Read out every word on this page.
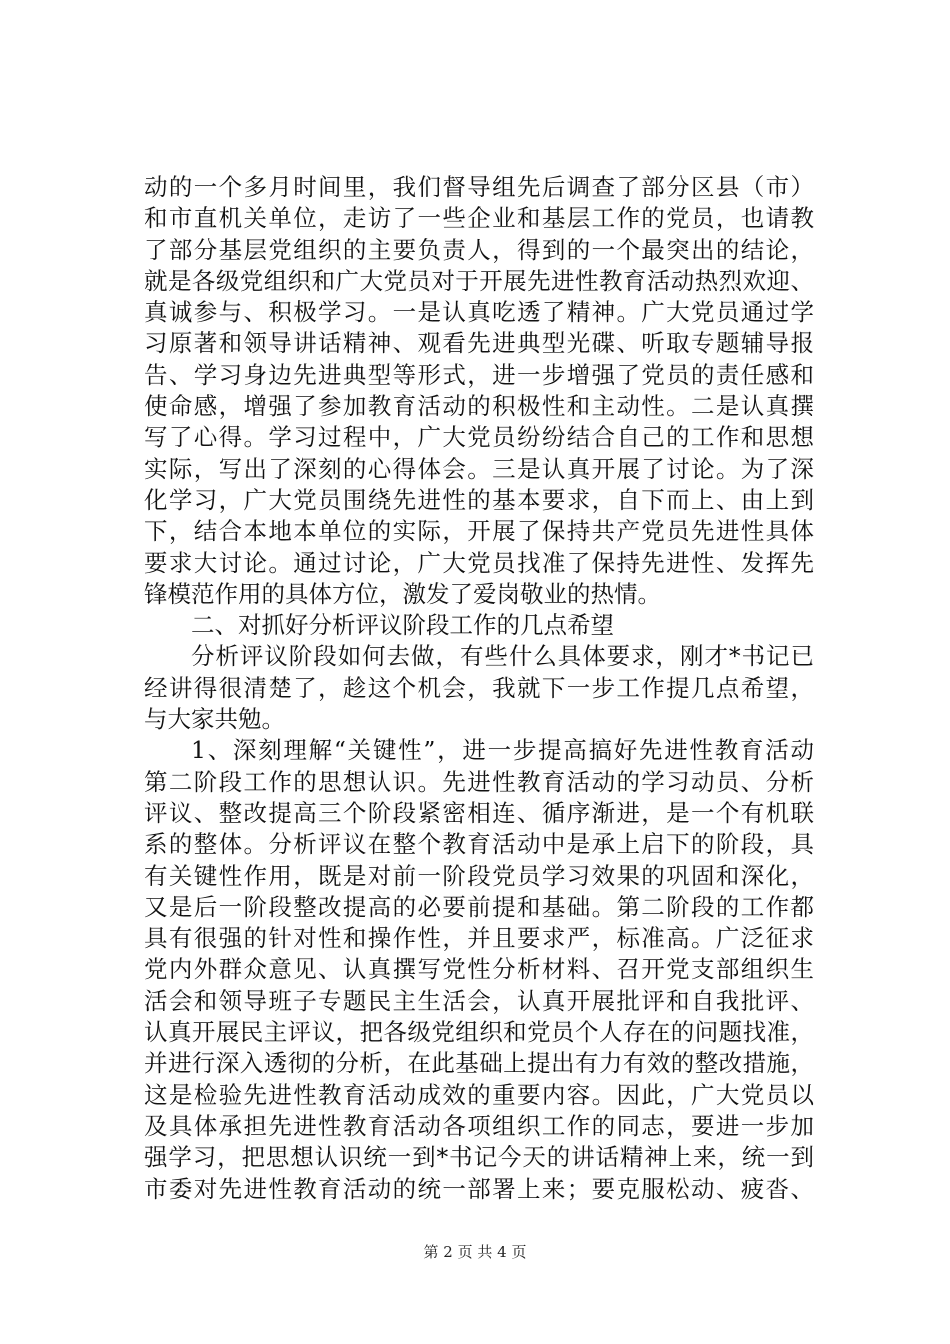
动的一个多月时间里，我们督导组先后调查了部分区县（市）
和市直机关单位，走访了一些企业和基层工作的党员，也请教
了部分基层党组织的主要负责人，得到的一个最突出的结论，
就是各级党组织和广大党员对于开展先进性教育活动热烈欢迎、
真诚参与、积极学习。一是认真吃透了精神。广大党员通过学
习原著和领导讲话精神、观看先进典型光碟、听取专题辅导报
告、学习身边先进典型等形式，进一步增强了党员的责任感和
使命感，增强了参加教育活动的积极性和主动性。二是认真撰
写了心得。学习过程中，广大党员纷纷结合自己的工作和思想
实际，写出了深刻的心得体会。三是认真开展了讨论。为了深
化学习，广大党员围绕先进性的基本要求，自下而上、由上到
下，结合本地本单位的实际，开展了保持共产党员先进性具体
要求大讨论。通过讨论，广大党员找准了保持先进性、发挥先
锋模范作用的具体方位，激发了爱岗敬业的热情。
二、对抓好分析评议阶段工作的几点希望
分析评议阶段如何去做，有些什么具体要求，刚才*书记已
经讲得很清楚了，趁这个机会，我就下一步工作提几点希望，
与大家共勉。
1、深刻理解“关键性”，进一步提高搞好先进性教育活动
第二阶段工作的思想认识。先进性教育活动的学习动员、分析
评议、整改提高三个阶段紧密相连、循序渐进，是一个有机联
系的整体。分析评议在整个教育活动中是承上启下的阶段，具
有关键性作用，既是对前一阶段党员学习效果的巩固和深化，
又是后一阶段整改提高的必要前提和基础。第二阶段的工作都
具有很强的针对性和操作性，并且要求严，标准高。广泛征求
党内外群众意见、认真撰写党性分析材料、召开党支部组织生
活会和领导班子专题民主生活会，认真开展批评和自我批评、
认真开展民主评议，把各级党组织和党员个人存在的问题找准，
并进行深入透彻的分析，在此基础上提出有力有效的整改措施，
这是检验先进性教育活动成效的重要内容。因此，广大党员以
及具体承担先进性教育活动各项组织工作的同志，要进一步加
强学习，把思想认识统一到*书记今天的讲话精神上来，统一到
市委对先进性教育活动的统一部署上来；要克服松动、疲沓、
第 2 页 共 4 页
